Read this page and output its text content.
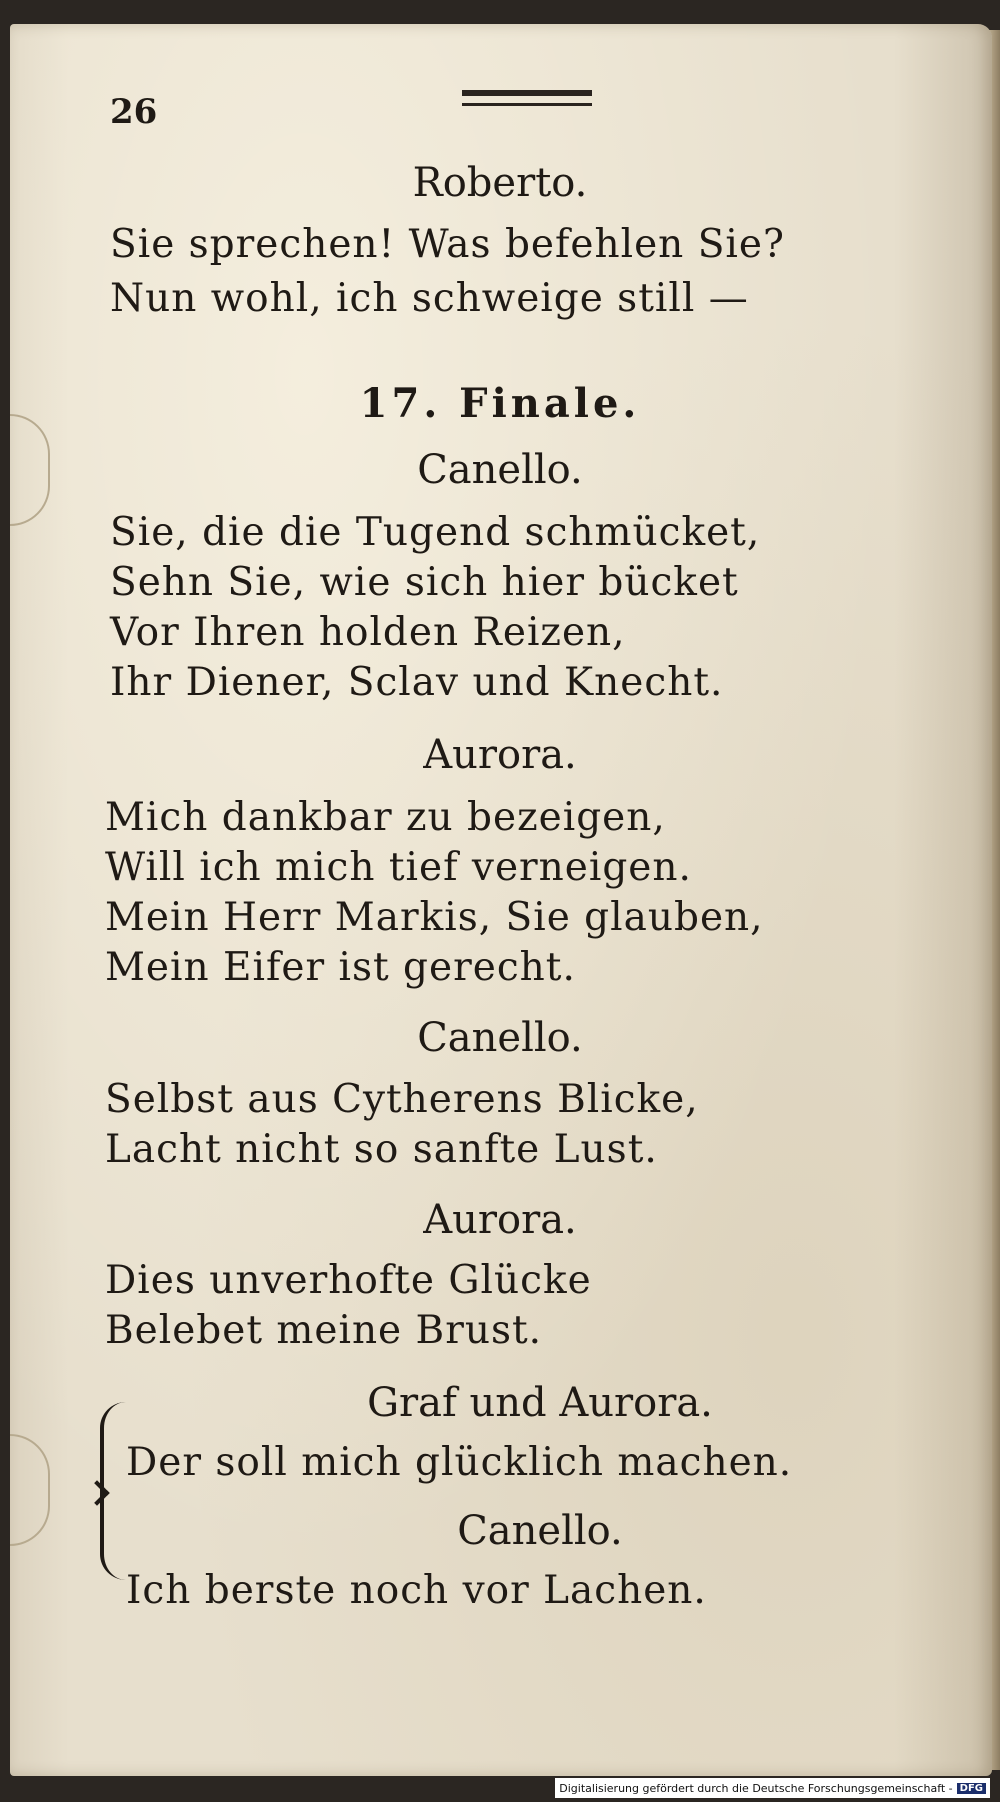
26
Roberto.
Sie sprechen! Was befehlen Sie?
Nun wohl, ich schweige still —
17. Finale.
Canello.
Sie, die die Tugend schmücket,
Sehn Sie, wie sich hier bücket
Vor Ihren holden Reizen,
Ihr Diener, Sclav und Knecht.
Aurora.
Mich dankbar zu bezeigen,
Will ich mich tief verneigen.
Mein Herr Markis, Sie glauben,
Mein Eifer ist gerecht.
Canello.
Selbst aus Cytherens Blicke,
Lacht nicht so sanfte Lust.
Aurora.
Dies unverhofte Glücke
Belebet meine Brust.
Graf und Aurora.
Der soll mich glücklich machen.
Canello.
Ich berste noch vor Lachen.
Digitalisierung gefördert durch die Deutsche Forschungsgemeinschaft - DFG
